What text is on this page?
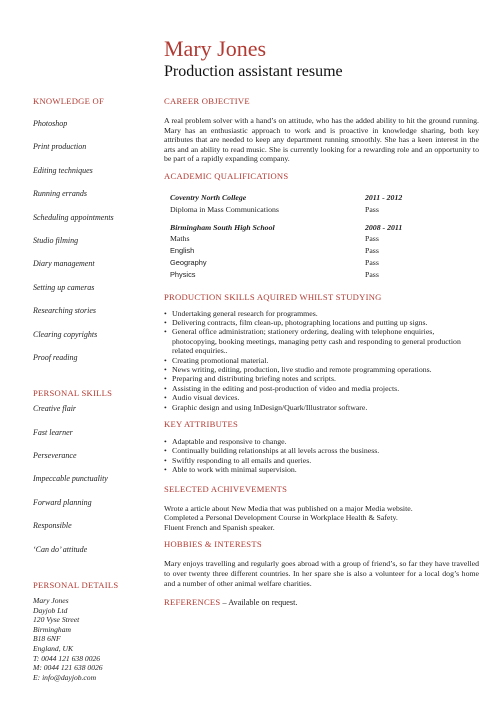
Mary Jones
Production assistant resume
KNOWLEDGE OF
Photoshop
Print production
Editing techniques
Running errands
Scheduling appointments
Studio filming
Diary management
Setting up cameras
Researching stories
Clearing copyrights
Proof reading
PERSONAL SKILLS
Creative flair
Fast learner
Perseverance
Impeccable punctuality
Forward planning
Responsible
‘Can do’ attitude
PERSONAL DETAILS
Mary Jones
Dayjob Ltd
120 Vyse Street
Birmingham
B18 6NF
England, UK
T: 0044 121 638 0026
M: 0044 121 638 0026
E: info@dayjob.com
CAREER OBJECTIVE

A real problem solver with a hand’s on attitude, who has the added ability to hit the ground running. Mary has an enthusiastic approach to work and is proactive in knowledge sharing, both key attributes that are needed to keep any department running smoothly. She has a keen interest in the arts and an ability to read music. She is currently looking for a rewarding role and an opportunity to be part of a rapidly expanding company.

ACADEMIC QUALIFICATIONS
Coventry North College	2011 - 2012
Diploma in Mass Communications	Pass
Birmingham South High School	2008 - 2011
Maths	Pass
English	Pass
Geography	Pass
Physics	Pass
PRODUCTION SKILLS AQUIRED WHILST STUDYING
• Undertaking general research for programmes.
• Delivering contracts, film clean-up, photographing locations and putting up signs.
• General office administration; stationery ordering, dealing with telephone enquiries, photocopying, booking meetings, managing petty cash and responding to general production related enquiries..
• Creating promotional material.
• News writing, editing, production, live studio and remote programming operations.
• Preparing and distributing briefing notes and scripts.
• Assisting in the editing and post-production of video and media projects.
• Audio visual devices.
• Graphic design and using InDesign/Quark/Illustrator software.
KEY ATTRIBUTES
• Adaptable and responsive to change.
• Continually building relationships at all levels across the business.
• Swiftly responding to all emails and queries.
• Able to work with minimal supervision.
SELECTED ACHIVEVEMENTS
Wrote a article about New Media that was published on a major Media website.
Completed a Personal Development Course in Workplace Health & Safety.
Fluent French and Spanish speaker.
HOBBIES & INTERESTS

Mary enjoys travelling and regularly goes abroad with a group of friend’s, so far they have travelled to over twenty three different countries. In her spare she is also a volunteer for a local dog’s home and a number of other animal welfare charities.

REFERENCES – Available on request.
